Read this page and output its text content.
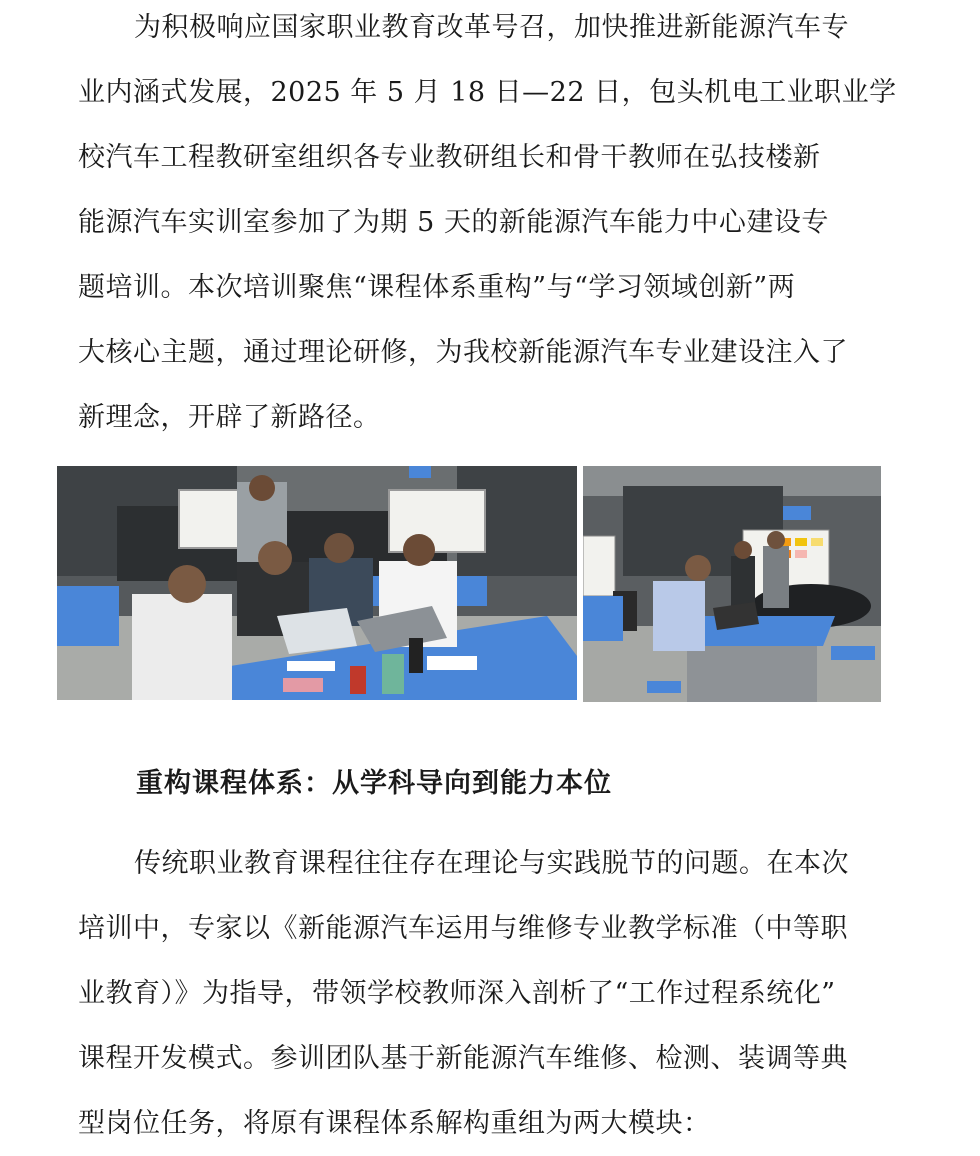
为积极响应国家职业教育改革号召，加快推进新能源汽车专
业内涵式发展，2025 年 5 月 18 日—22 日，包头机电工业职业学
校汽车工程教研室组织各专业教研组长和骨干教师在弘技楼新
能源汽车实训室参加了为期 5 天的新能源汽车能力中心建设专
题培训。本次培训聚焦“课程体系重构”与“学习领域创新”两
大核心主题，通过理论研修，为我校新能源汽车专业建设注入了
新理念，开辟了新路径。
重构课程体系：从学科导向到能力本位
传统职业教育课程往往存在理论与实践脱节的问题。在本次
培训中，专家以《新能源汽车运用与维修专业教学标准（中等职
业教育）》为指导，带领学校教师深入剖析了“工作过程系统化”
课程开发模式。参训团队基于新能源汽车维修、检测、装调等典
型岗位任务，将原有课程体系解构重组为两大模块：
